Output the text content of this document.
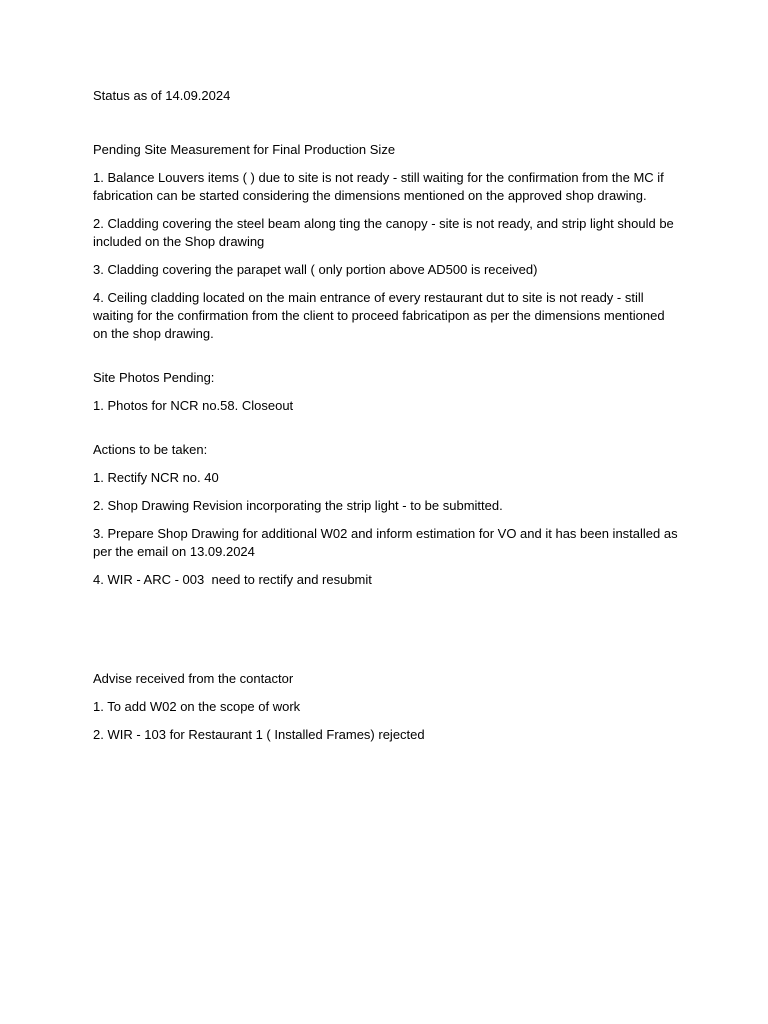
Status as of 14.09.2024

Pending Site Measurement for Final Production Size

1. Balance Louvers items ( ) due to site is not ready - still waiting for the confirmation from the MC if fabrication can be started considering the dimensions mentioned on the approved shop drawing.

2. Cladding covering the steel beam along ting the canopy - site is not ready, and strip light should be included on the Shop drawing

3. Cladding covering the parapet wall ( only portion above AD500 is received)

4. Ceiling cladding located on the main entrance of every restaurant dut to site is not ready - still waiting for the confirmation from the client to proceed fabricatipon as per the dimensions mentioned on the shop drawing.

Site Photos Pending:

1. Photos for NCR no.58. Closeout

Actions to be taken:

1. Rectify NCR no. 40

2. Shop Drawing Revision incorporating the strip light - to be submitted.

3. Prepare Shop Drawing for additional W02 and inform estimation for VO and it has been installed as per the email on 13.09.2024

4. WIR - ARC - 003  need to rectify and resubmit

Advise received from the contactor

1. To add W02 on the scope of work

2. WIR - 103 for Restaurant 1 ( Installed Frames) rejected
